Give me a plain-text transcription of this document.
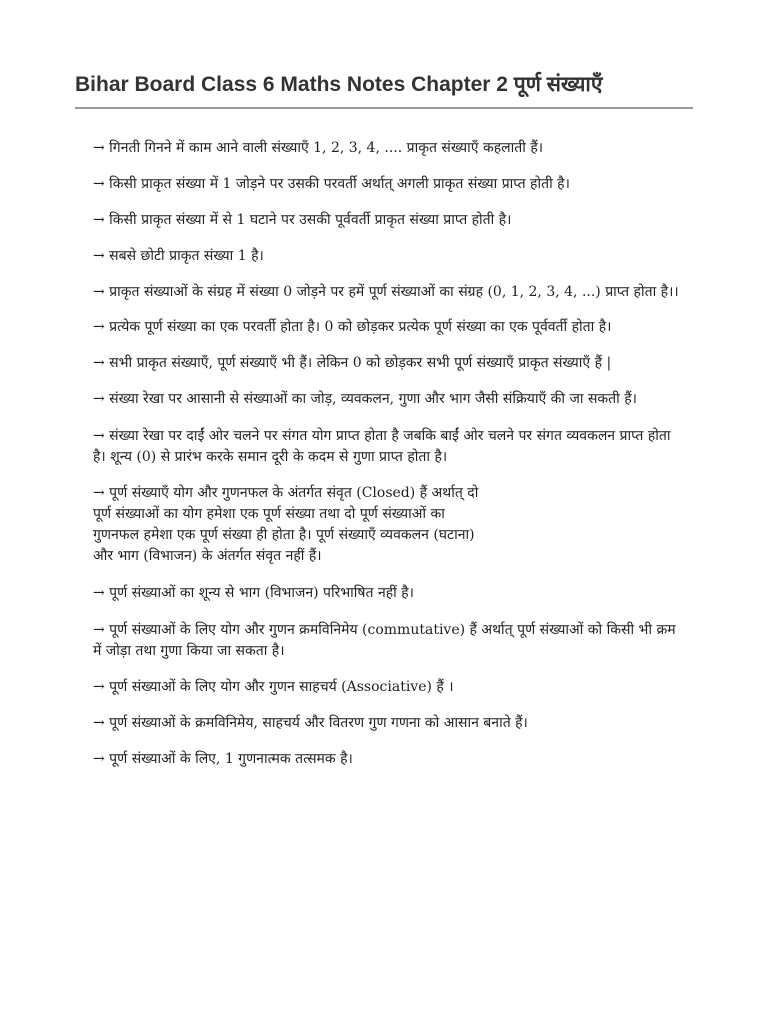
Bihar Board Class 6 Maths Notes Chapter 2 पूर्ण संख्याएँ

→ गिनती गिनने में काम आने वाली संख्याएँ 1, 2, 3, 4, .... प्राकृत संख्याएँ कहलाती हैं।

→ किसी प्राकृत संख्या में 1 जोड़ने पर उसकी परवर्ती अर्थात् अगली प्राकृत संख्या प्राप्त होती है।

→ किसी प्राकृत संख्या में से 1 घटाने पर उसकी पूर्ववर्ती प्राकृत संख्या प्राप्त होती है।

→ सबसे छोटी प्राकृत संख्या 1 है।

→ प्राकृत संख्याओं के संग्रह में संख्या 0 जोड़ने पर हमें पूर्ण संख्याओं का संग्रह (0, 1, 2, 3, 4, ...) प्राप्त होता है।।

→ प्रत्येक पूर्ण संख्या का एक परवर्ती होता है। 0 को छोड़कर प्रत्येक पूर्ण संख्या का एक पूर्ववर्ती होता है।

→ सभी प्राकृत संख्याएँ, पूर्ण संख्याएँ भी हैं। लेकिन 0 को छोड़कर सभी पूर्ण संख्याएँ प्राकृत संख्याएँ हैं |

→ संख्या रेखा पर आसानी से संख्याओं का जोड़, व्यवकलन, गुणा और भाग जैसी संक्रियाएँ की जा सकती हैं।

→ संख्या रेखा पर दाईं ओर चलने पर संगत योग प्राप्त होता है जबकि बाईं ओर चलने पर संगत व्यवकलन प्राप्त होता है। शून्य (0) से प्रारंभ करके समान दूरी के कदम से गुणा प्राप्त होता है।

→ पूर्ण संख्याएँ योग और गुणनफल के अंतर्गत संवृत (Closed) हैं अर्थात् दो
पूर्ण संख्याओं का योग हमेशा एक पूर्ण संख्या तथा दो पूर्ण संख्याओं का
गुणनफल हमेशा एक पूर्ण संख्या ही होता है। पूर्ण संख्याएँ व्यवकलन (घटाना)
और भाग (विभाजन) के अंतर्गत संवृत नहीं हैं।

→ पूर्ण संख्याओं का शून्य से भाग (विभाजन) परिभाषित नहीं है।

→ पूर्ण संख्याओं के लिए योग और गुणन क्रमविनिमेय (commutative) हैं अर्थात् पूर्ण संख्याओं को किसी भी क्रम में जोड़ा तथा गुणा किया जा सकता है।

→ पूर्ण संख्याओं के लिए योग और गुणन साहचर्य (Associative) हैं ।

→ पूर्ण संख्याओं के क्रमविनिमेय, साहचर्य और वितरण गुण गणना को आसान बनाते हैं।

→ पूर्ण संख्याओं के लिए, 1 गुणनात्मक तत्समक है।
